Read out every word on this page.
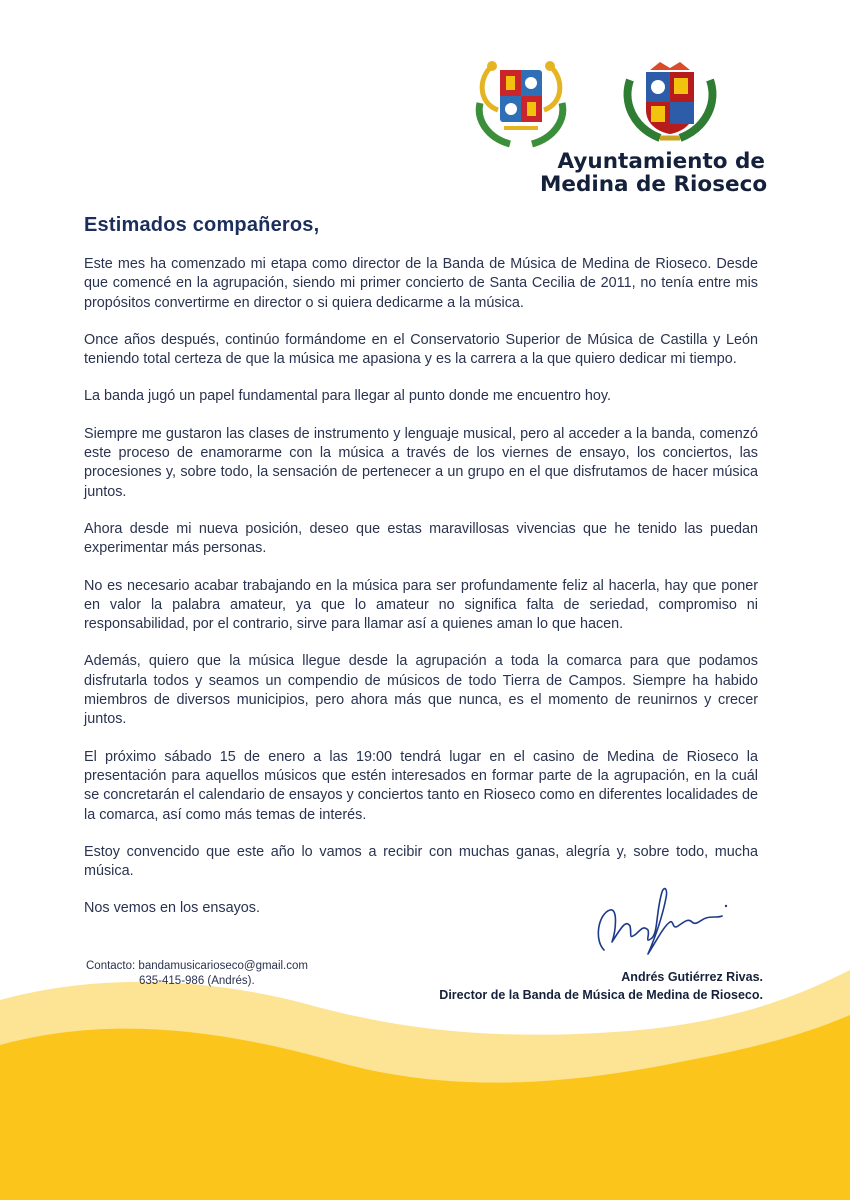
Ayuntamiento de
Medina de Rioseco
Estimados compañeros,

Este mes ha comenzado mi etapa como director de la Banda de Música de Medina de Rioseco. Desde que comencé en la agrupación, siendo mi primer concierto de Santa Cecilia de 2011, no tenía entre mis propósitos convertirme en director o si quiera dedicarme a la música.

Once años después, continúo formándome en el Conservatorio Superior de Música de Castilla y León teniendo total certeza de que la música me apasiona y es la carrera a la que quiero dedicar mi tiempo.

La banda jugó un papel fundamental para llegar al punto donde me encuentro hoy.

Siempre me gustaron las clases de instrumento y lenguaje musical, pero al acceder a la banda, comenzó este proceso de enamorarme con la música a través de los viernes de ensayo, los conciertos, las procesiones y, sobre todo, la sensación de pertenecer a un grupo en el que disfrutamos de hacer música juntos.

Ahora desde mi nueva posición, deseo que estas maravillosas vivencias que he tenido las puedan experimentar más personas.

No es necesario acabar trabajando en la música para ser profundamente feliz al hacerla, hay que poner en valor la palabra amateur, ya que lo amateur no significa falta de seriedad, compromiso ni responsabilidad, por el contrario, sirve para llamar así a quienes aman lo que hacen.

Además, quiero que la música llegue desde la agrupación a toda la comarca para que podamos disfrutarla todos y seamos un compendio de músicos de todo Tierra de Campos. Siempre ha habido miembros de diversos municipios, pero ahora más que nunca, es el momento de reunirnos y crecer juntos.

El próximo sábado 15 de enero a las 19:00 tendrá lugar en el casino de Medina de Rioseco la presentación para aquellos músicos que estén interesados en formar parte de la agrupación, en la cuál se concretarán el calendario de ensayos y conciertos tanto en Rioseco como en diferentes localidades de la comarca, así como más temas de interés.

Estoy convencido que este año lo vamos a recibir con muchas ganas, alegría y, sobre todo, mucha música.

Nos vemos en los ensayos.

Contacto: bandamusicarioseco@gmail.com
635-415-986 (Andrés).	Andrés Gutiérrez Rivas.
Director de la Banda de Música de Medina de Rioseco.
